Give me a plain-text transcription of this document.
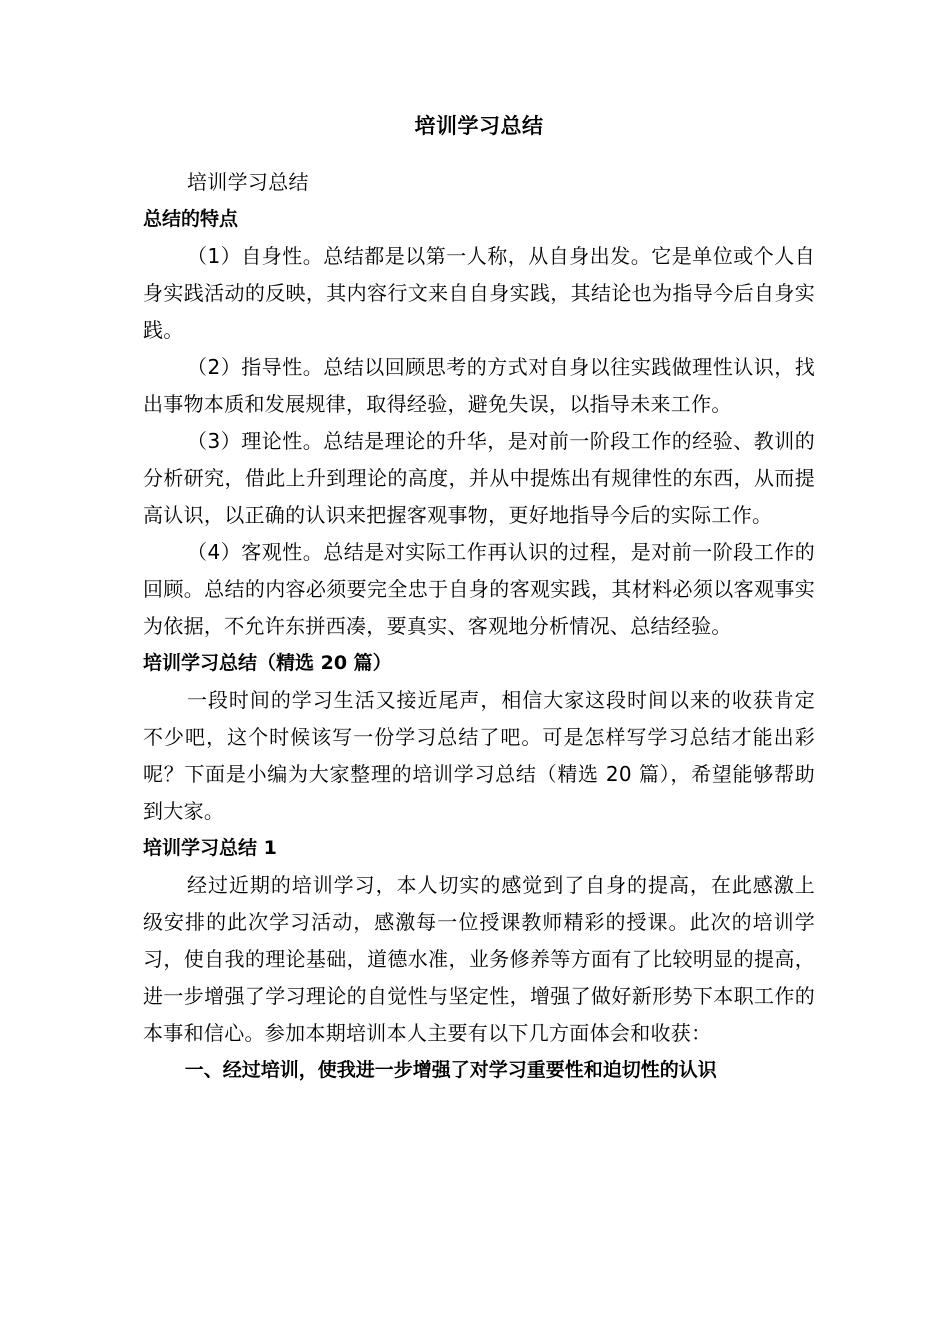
培训学习总结

培训学习总结

总结的特点

（1）自身性。总结都是以第一人称，从自身出发。它是单位或个人自身实践活动的反映，其内容行文来自自身实践，其结论也为指导今后自身实践。

（2）指导性。总结以回顾思考的方式对自身以往实践做理性认识，找出事物本质和发展规律，取得经验，避免失误，以指导未来工作。

（3）理论性。总结是理论的升华，是对前一阶段工作的经验、教训的分析研究，借此上升到理论的高度，并从中提炼出有规律性的东西，从而提高认识，以正确的认识来把握客观事物，更好地指导今后的实际工作。

（4）客观性。总结是对实际工作再认识的过程，是对前一阶段工作的回顾。总结的内容必须要完全忠于自身的客观实践，其材料必须以客观事实为依据，不允许东拼西凑，要真实、客观地分析情况、总结经验。

培训学习总结（精选 20 篇）

一段时间的学习生活又接近尾声，相信大家这段时间以来的收获肯定不少吧，这个时候该写一份学习总结了吧。可是怎样写学习总结才能出彩呢？下面是小编为大家整理的培训学习总结（精选 20 篇），希望能够帮助到大家。

培训学习总结 1

经过近期的培训学习，本人切实的感觉到了自身的提高，在此感激上级安排的此次学习活动，感激每一位授课教师精彩的授课。此次的培训学习，使自我的理论基础，道德水准，业务修养等方面有了比较明显的提高，进一步增强了学习理论的自觉性与坚定性，增强了做好新形势下本职工作的本事和信心。参加本期培训本人主要有以下几方面体会和收获：

一、经过培训，使我进一步增强了对学习重要性和迫切性的认识
